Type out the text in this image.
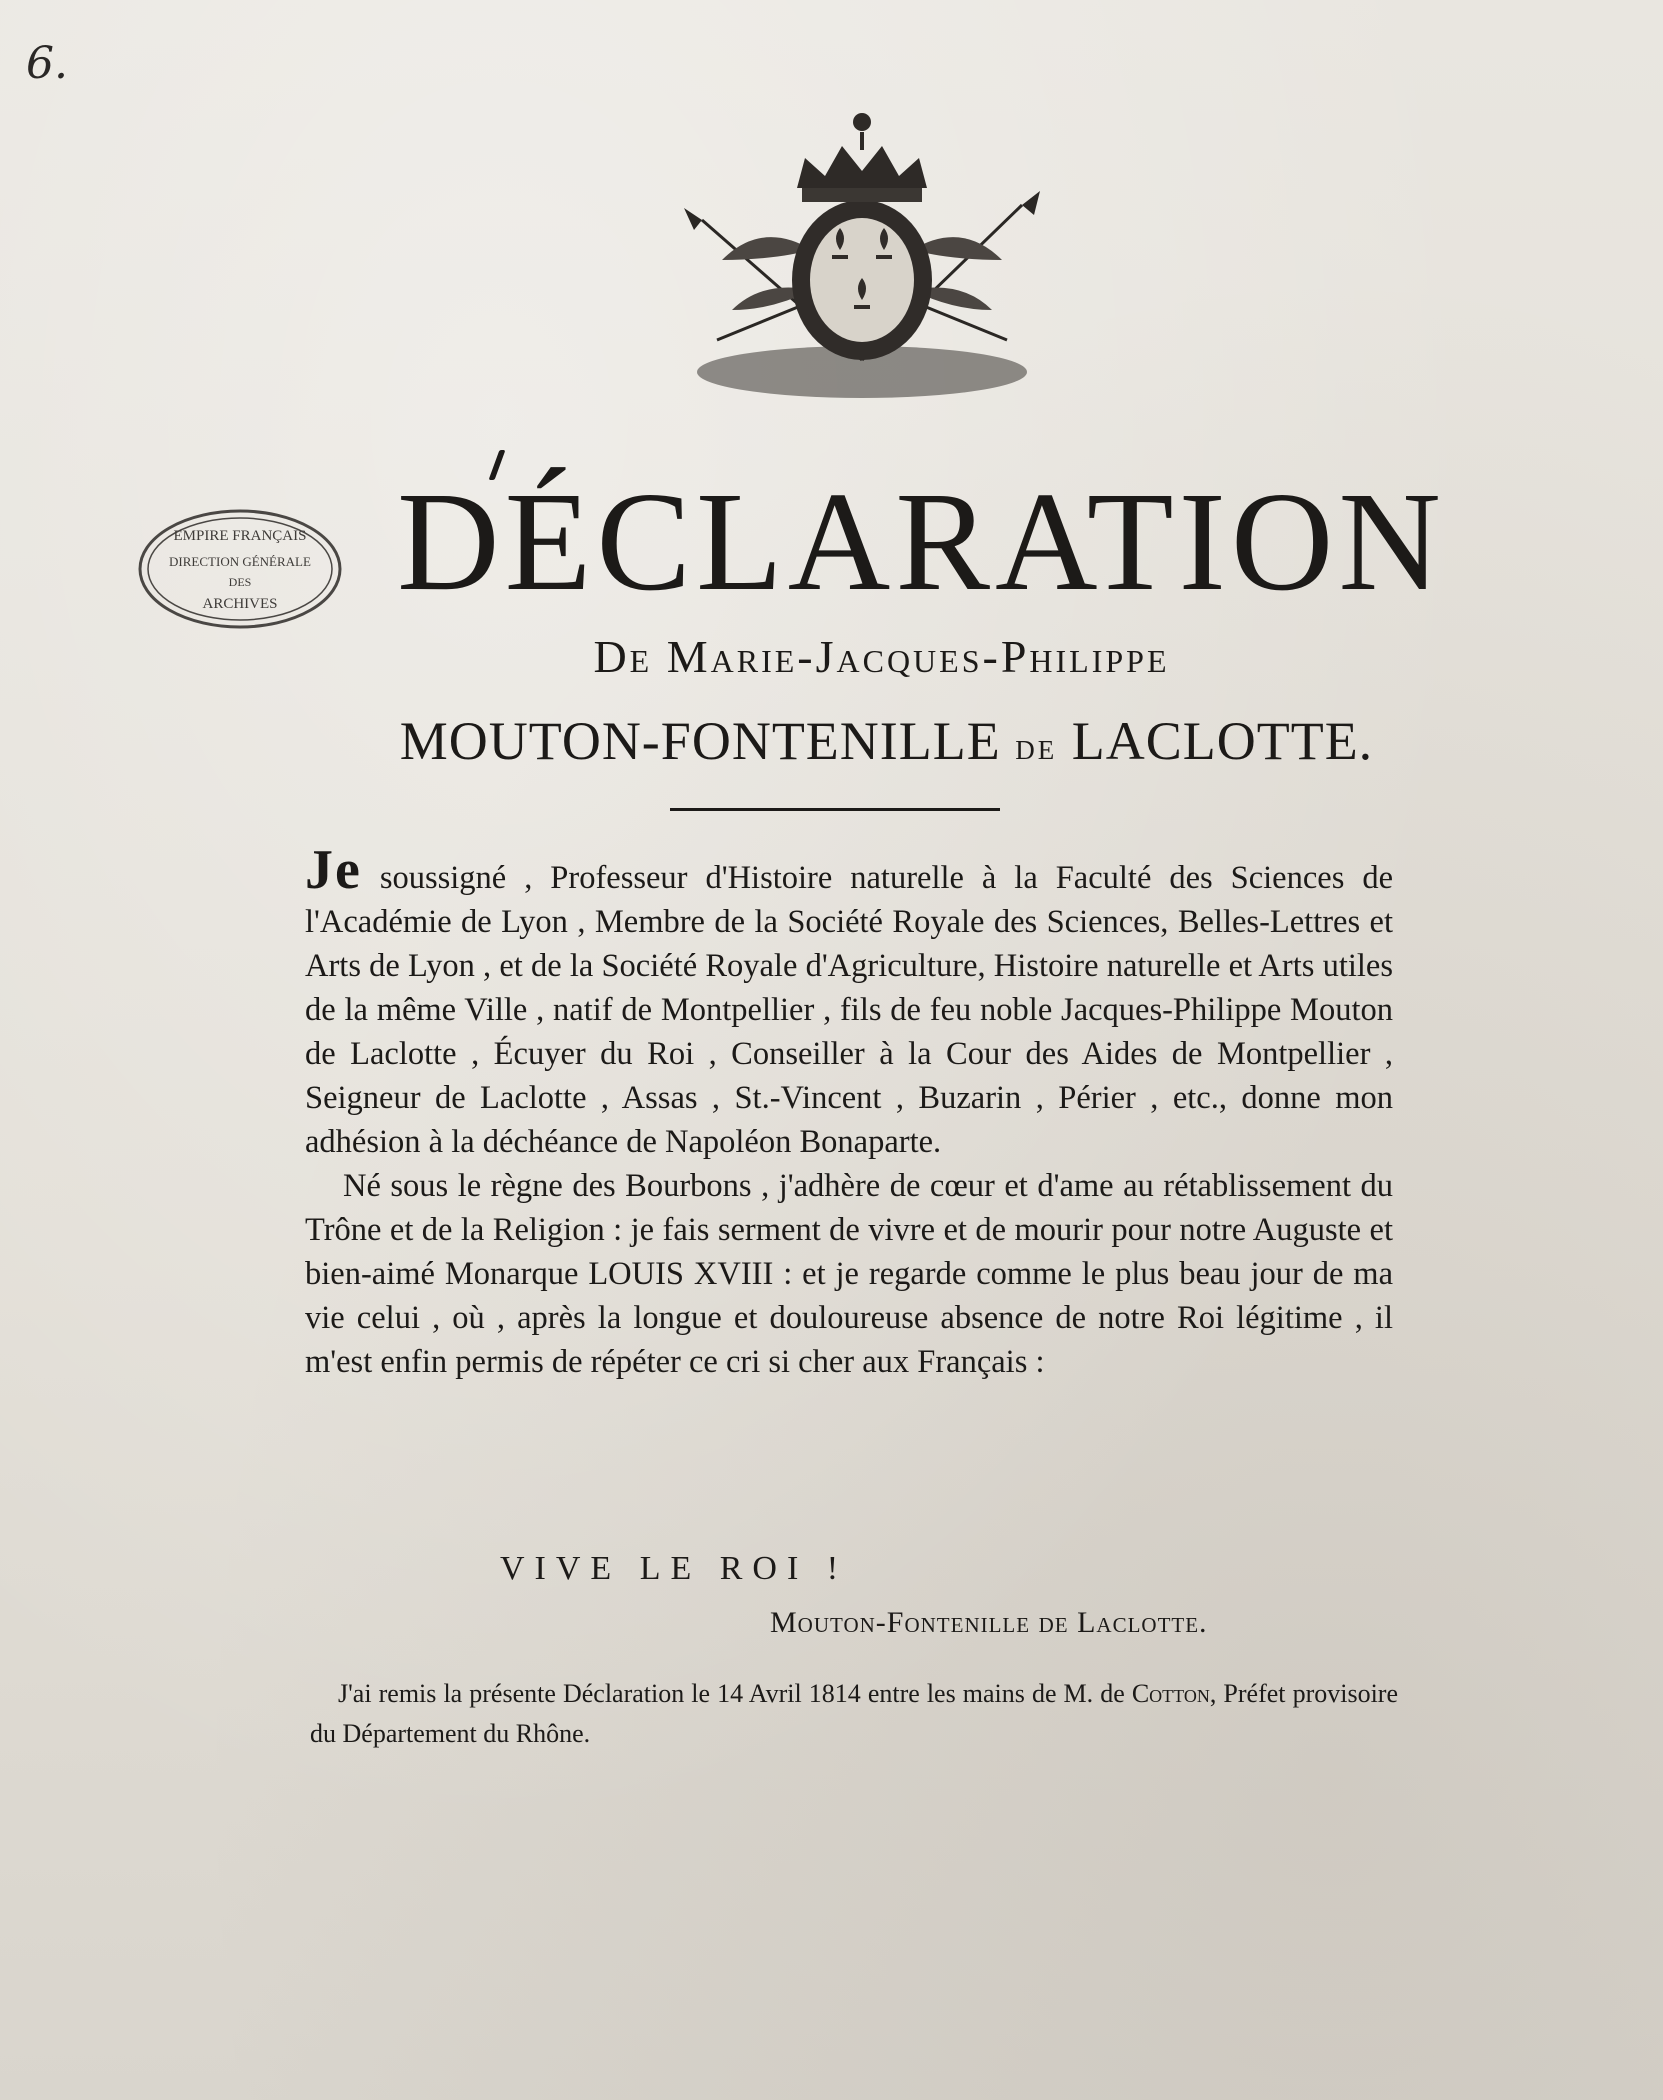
6.
EMPIRE FRANÇAIS
DIRECTION GÉNÉRALE
DES
ARCHIVES DÉCLARATION
De Marie-Jacques-Philippe
MOUTON-FONTENILLE de LACLOTTE.

Je soussigné , Professeur d'Histoire naturelle à la Faculté des Sciences de l'Académie de Lyon , Membre de la Société Royale des Sciences, Belles-Lettres et Arts de Lyon , et de la Société Royale d'Agriculture, Histoire naturelle et Arts utiles de la même Ville , natif de Montpellier , fils de feu noble Jacques-Philippe Mouton de Laclotte , Écuyer du Roi , Conseiller à la Cour des Aides de Montpellier , Seigneur de Laclotte , Assas , St.-Vincent , Buzarin , Périer , etc., donne mon adhésion à la déchéance de Napoléon Bonaparte.

Né sous le règne des Bourbons , j'adhère de cœur et d'ame au rétablissement du Trône et de la Religion : je fais serment de vivre et de mourir pour notre Auguste et bien-aimé Monarque LOUIS XVIII : et je regarde comme le plus beau jour de ma vie celui , où , après la longue et douloureuse absence de notre Roi légitime , il m'est enfin permis de répéter ce cri si cher aux Français :

VIVE LE ROI !
Mouton-Fontenille de Laclotte.
J'ai remis la présente Déclaration le 14 Avril 1814 entre les mains de M. de Cotton, Préfet provisoire du Département du Rhône.
